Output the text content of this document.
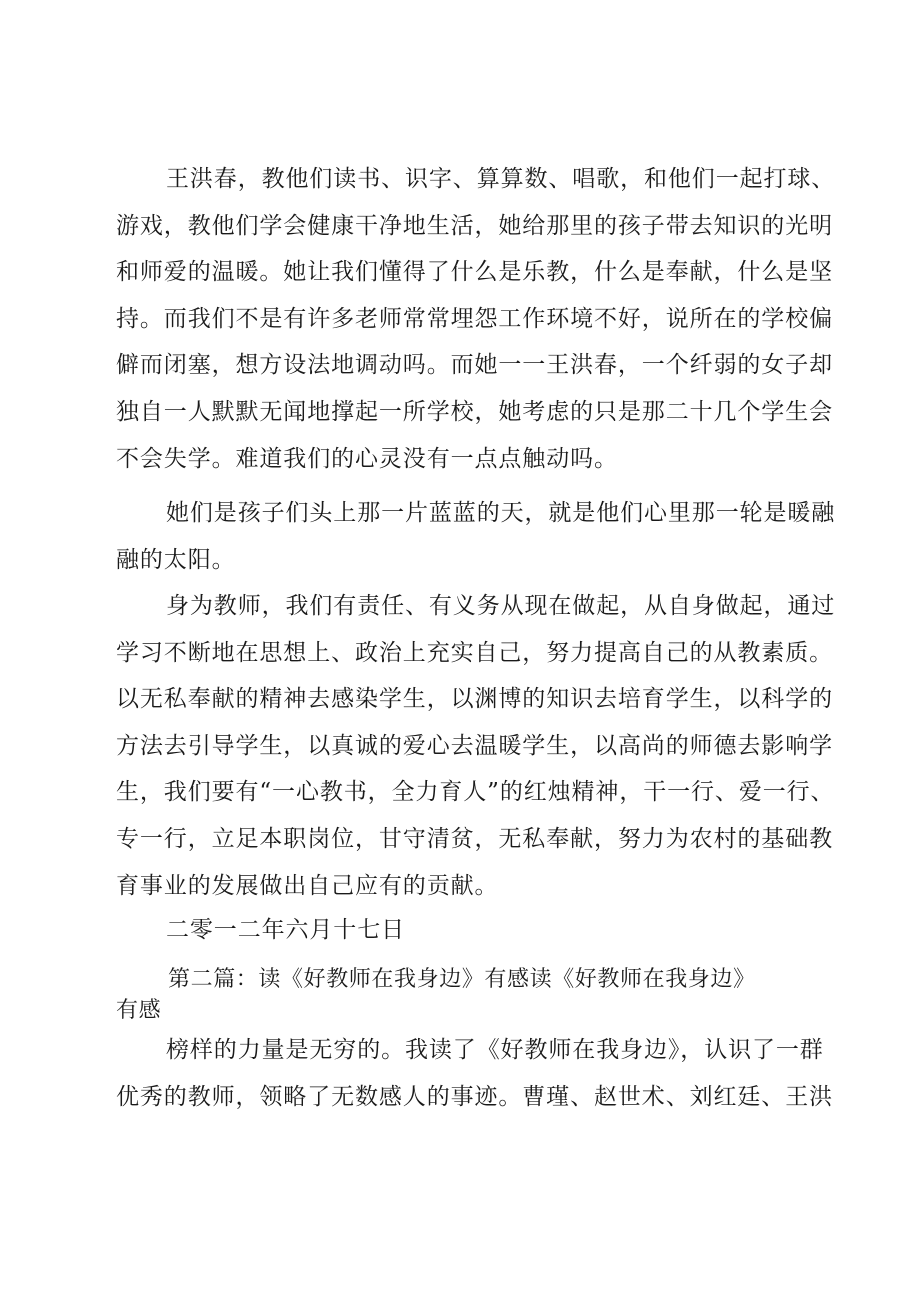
王洪春，教他们读书、识字、算算数、唱歌，和他们一起打球、
游戏，教他们学会健康干净地生活，她给那里的孩子带去知识的光明
和师爱的温暖。她让我们懂得了什么是乐教，什么是奉献，什么是坚
持。而我们不是有许多老师常常埋怨工作环境不好，说所在的学校偏
僻而闭塞，想方设法地调动吗。而她一一王洪春，一个纤弱的女子却
独自一人默默无闻地撑起一所学校，她考虑的只是那二十几个学生会
不会失学。难道我们的心灵没有一点点触动吗。
她们是孩子们头上那一片蓝蓝的天，就是他们心里那一轮是暖融
融的太阳。
身为教师，我们有责任、有义务从现在做起，从自身做起，通过
学习不断地在思想上、政治上充实自己，努力提高自己的从教素质。
以无私奉献的精神去感染学生，以渊博的知识去培育学生，以科学的
方法去引导学生，以真诚的爱心去温暖学生，以高尚的师德去影响学
生，我们要有“一心教书，全力育人”的红烛精神，干一行、爱一行、
专一行，立足本职岗位，甘守清贫，无私奉献，努力为农村的基础教
育事业的发展做出自己应有的贡献。
二零一二年六月十七日
第二篇：读《好教师在我身边》有感读《好教师在我身边》
有感
榜样的力量是无穷的。我读了《好教师在我身边》，认识了一群
优秀的教师，领略了无数感人的事迹。曹瑾、赵世术、刘红廷、王洪
